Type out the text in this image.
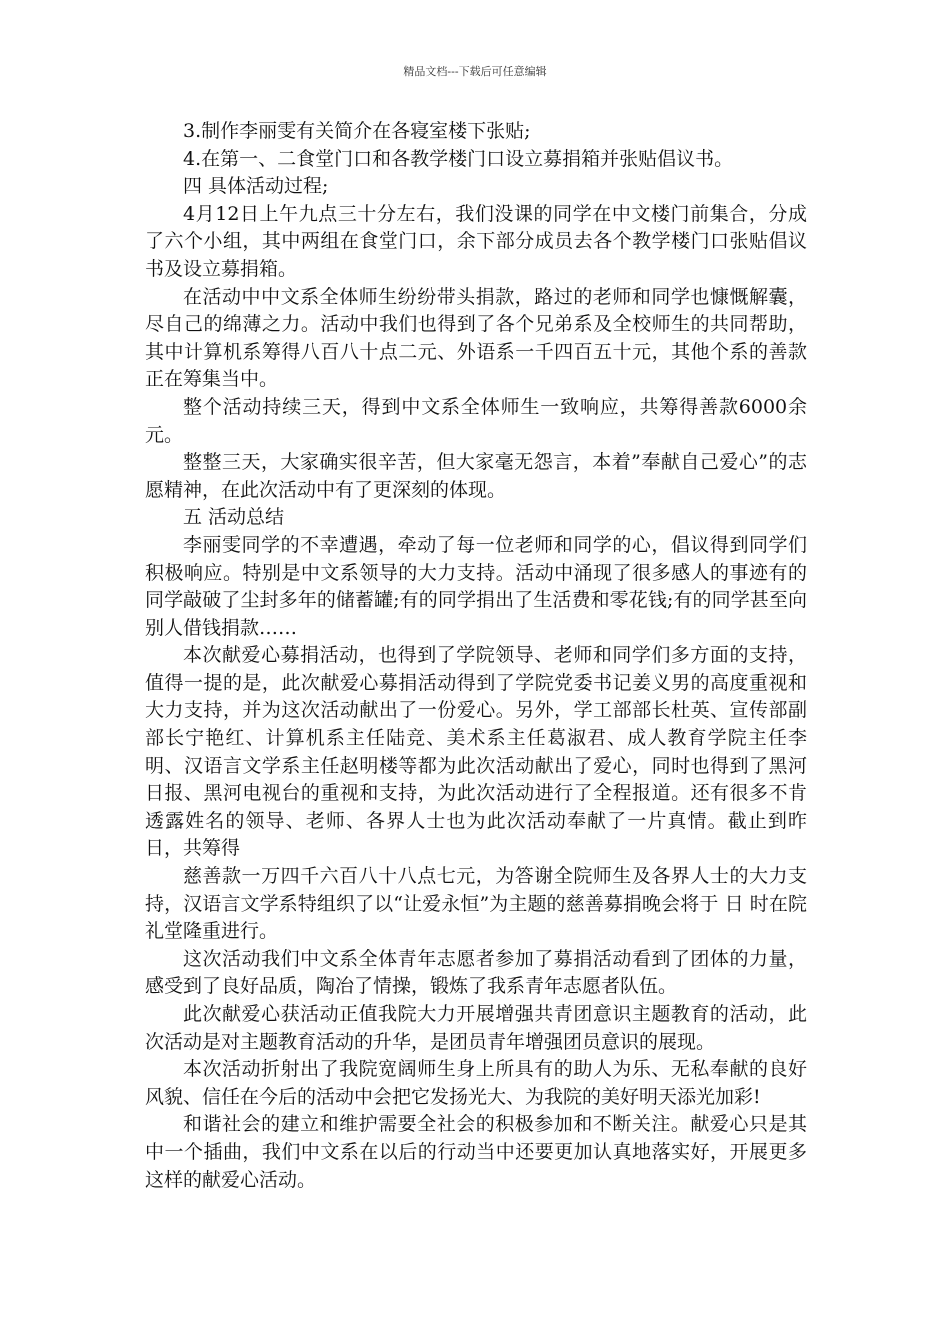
精品文档---下载后可任意编辑

3.制作李丽雯有关简介在各寝室楼下张贴;

4.在第一、二食堂门口和各教学楼门口设立募捐箱并张贴倡议书。

四 具体活动过程;

4月12日上午九点三十分左右，我们没课的同学在中文楼门前集合，分成了六个小组，其中两组在食堂门口，余下部分成员去各个教学楼门口张贴倡议书及设立募捐箱。

在活动中中文系全体师生纷纷带头捐款，路过的老师和同学也慷慨解囊，尽自己的绵薄之力。活动中我们也得到了各个兄弟系及全校师生的共同帮助，其中计算机系筹得八百八十点二元、外语系一千四百五十元，其他个系的善款正在筹集当中。

整个活动持续三天，得到中文系全体师生一致响应，共筹得善款6000余元。

整整三天，大家确实很辛苦，但大家毫无怨言，本着”奉献自己爱心”的志愿精神，在此次活动中有了更深刻的体现。

五 活动总结

李丽雯同学的不幸遭遇，牵动了每一位老师和同学的心，倡议得到同学们积极响应。特别是中文系领导的大力支持。活动中涌现了很多感人的事迹有的同学敲破了尘封多年的储蓄罐;有的同学捐出了生活费和零花钱;有的同学甚至向别人借钱捐款……

本次献爱心募捐活动，也得到了学院领导、老师和同学们多方面的支持，值得一提的是，此次献爱心募捐活动得到了学院党委书记姜义男的高度重视和大力支持，并为这次活动献出了一份爱心。另外，学工部部长杜英、宣传部副部长宁艳红、计算机系主任陆竞、美术系主任葛淑君、成人教育学院主任李明、汉语言文学系主任赵明楼等都为此次活动献出了爱心，同时也得到了黑河日报、黑河电视台的重视和支持，为此次活动进行了全程报道。还有很多不肯透露姓名的领导、老师、各界人士也为此次活动奉献了一片真情。截止到昨日，共筹得

慈善款一万四千六百八十八点七元，为答谢全院师生及各界人士的大力支持，汉语言文学系特组织了以“让爱永恒”为主题的慈善募捐晚会将于 日 时在院礼堂隆重进行。

这次活动我们中文系全体青年志愿者参加了募捐活动看到了团体的力量，感受到了良好品质，陶冶了情操，锻炼了我系青年志愿者队伍。

此次献爱心获活动正值我院大力开展增强共青团意识主题教育的活动，此次活动是对主题教育活动的升华，是团员青年增强团员意识的展现。

本次活动折射出了我院宽阔师生身上所具有的助人为乐、无私奉献的良好风貌、信任在今后的活动中会把它发扬光大、为我院的美好明天添光加彩!

和谐社会的建立和维护需要全社会的积极参加和不断关注。献爱心只是其中一个插曲，我们中文系在以后的行动当中还要更加认真地落实好，开展更多这样的献爱心活动。
